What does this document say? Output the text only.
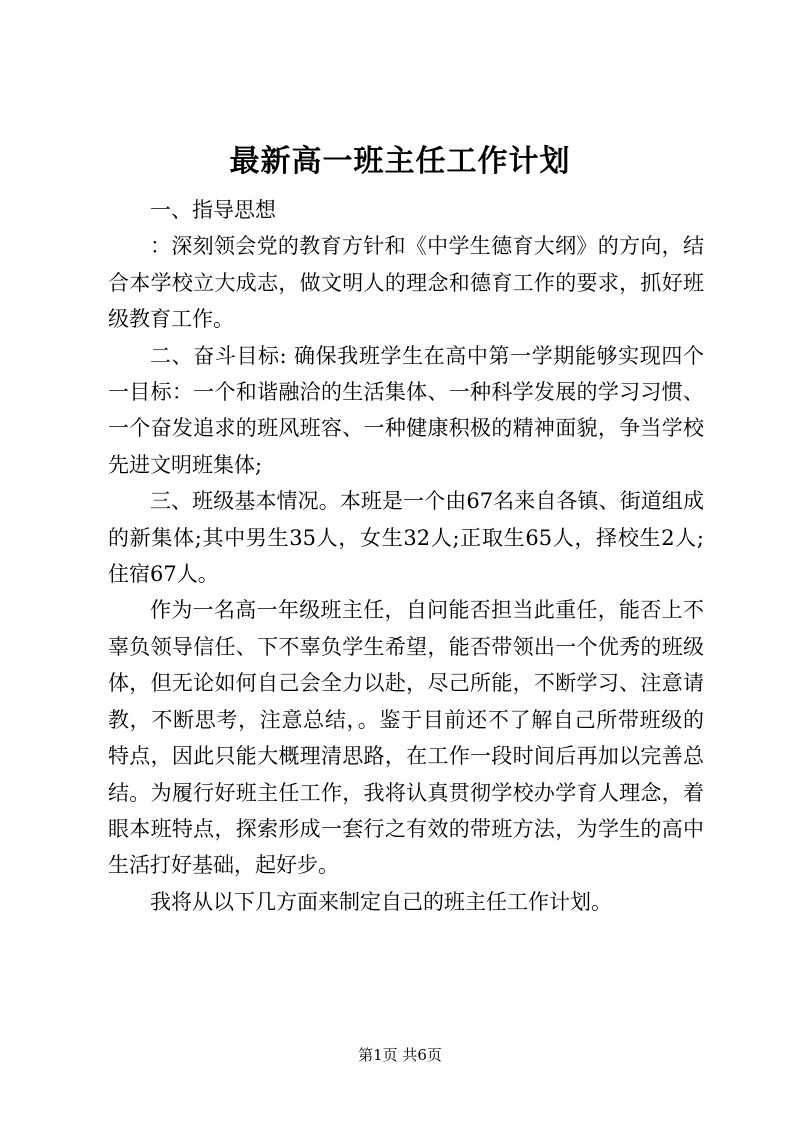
最新高一班主任工作计划

一、指导思想

：深刻领会党的教育方针和《中学生德育大纲》的方向，结合本学校立大成志，做文明人的理念和德育工作的要求，抓好班级教育工作。

二、奋斗目标: 确保我班学生在高中第一学期能够实现四个一目标：一个和谐融洽的生活集体、一种科学发展的学习习惯、一个奋发追求的班风班容、一种健康积极的精神面貌，争当学校先进文明班集体;

三、班级基本情况。本班是一个由67名来自各镇、街道组成的新集体;其中男生35人，女生32人;正取生65人，择校生2人;住宿67人。

作为一名高一年级班主任，自问能否担当此重任，能否上不辜负领导信任、下不辜负学生希望，能否带领出一个优秀的班级体，但无论如何自己会全力以赴，尽己所能，不断学习、注意请教，不断思考，注意总结，。鉴于目前还不了解自己所带班级的特点，因此只能大概理清思路，在工作一段时间后再加以完善总结。为履行好班主任工作，我将认真贯彻学校办学育人理念，着眼本班特点，探索形成一套行之有效的带班方法，为学生的高中生活打好基础，起好步。

我将从以下几方面来制定自己的班主任工作计划。

第1页 共6页
